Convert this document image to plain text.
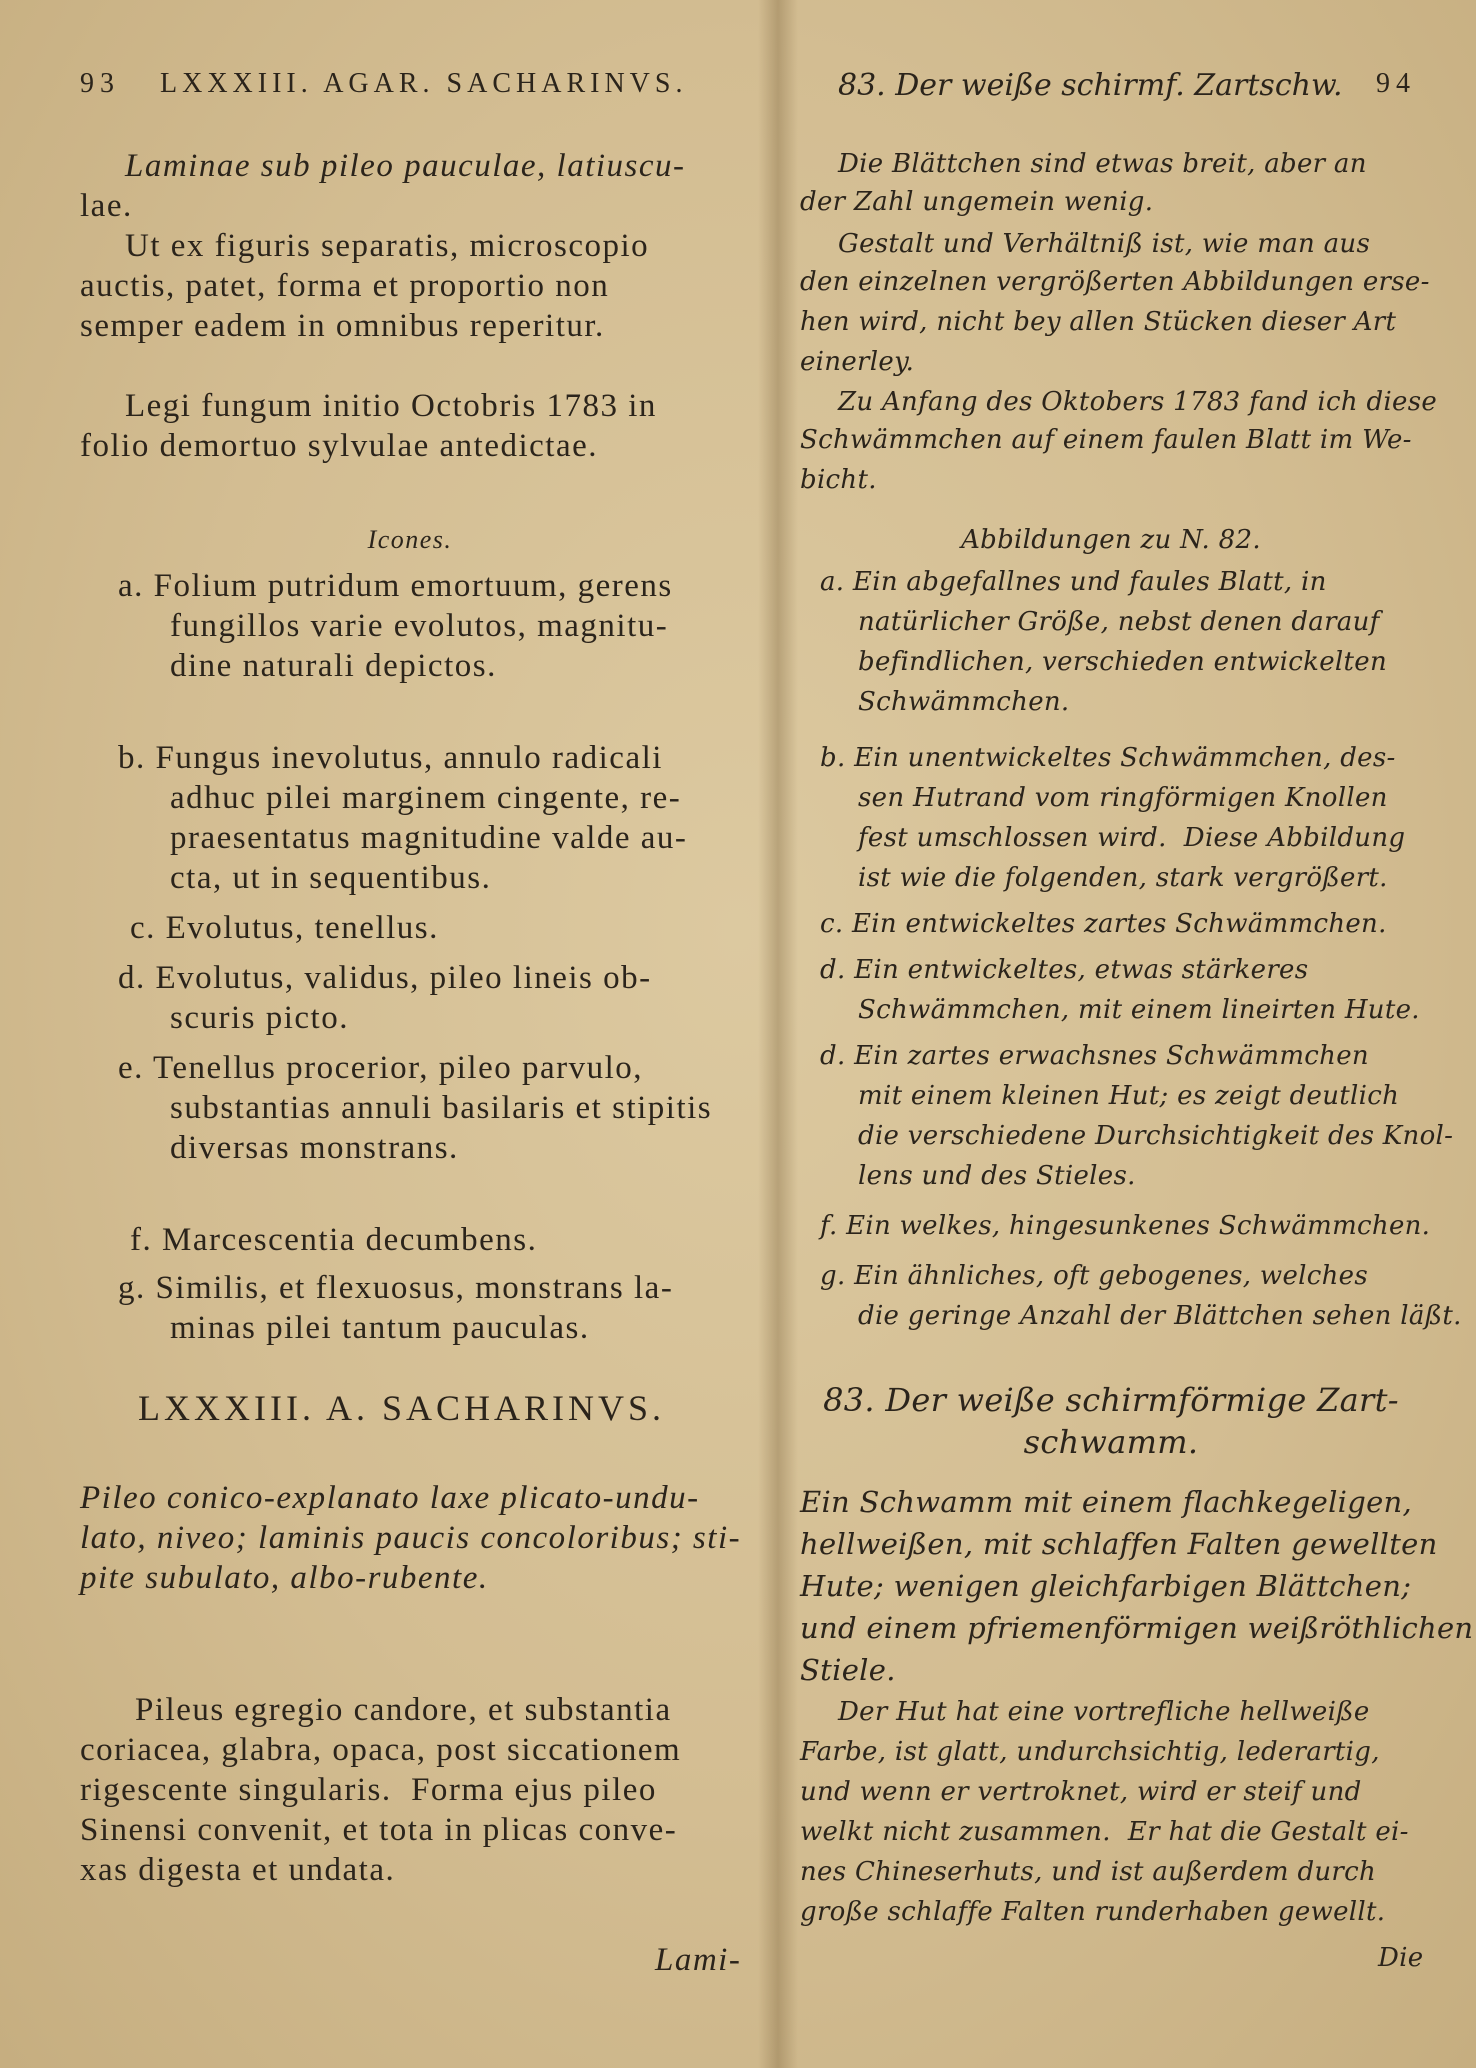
93 LXXXIII. AGAR. SACHARINVS.
Laminae sub pileo pauculae, latiuscu-
lae.
Ut ex figuris separatis, microscopio
auctis, patet, forma et proportio non
semper eadem in omnibus reperitur.
Legi fungum initio Octobris 1783 in
folio demortuo sylvulae antedictae.
Icones.
a. Folium putridum emortuum, gerens
fungillos varie evolutos, magnitu-
dine naturali depictos.
b. Fungus inevolutus, annulo radicali
adhuc pilei marginem cingente, re-
praesentatus magnitudine valde au-
cta, ut in sequentibus.
c. Evolutus, tenellus.
d. Evolutus, validus, pileo lineis ob-
scuris picto.
e. Tenellus procerior, pileo parvulo,
substantias annuli basilaris et stipitis
diversas monstrans.
f. Marcescentia decumbens.
g. Similis, et flexuosus, monstrans la-
minas pilei tantum pauculas.
LXXXIII. A. SACHARINVS.
Pileo conico-explanato laxe plicato-undu-
lato, niveo; laminis paucis concoloribus; sti-
pite subulato, albo-rubente.
Pileus egregio candore, et substantia
coriacea, glabra, opaca, post siccationem
rigescente singularis.  Forma ejus pileo
Sinensi convenit, et tota in plicas conve-
xas digesta et undata.
Lami-
83. Der weiße schirmf. Zartschw. 94
Die Blättchen sind etwas breit, aber an
der Zahl ungemein wenig.
Gestalt und Verhältniß ist, wie man aus
den einzelnen vergrößerten Abbildungen erse-
hen wird, nicht bey allen Stücken dieser Art
einerley.
Zu Anfang des Oktobers 1783 fand ich diese
Schwämmchen auf einem faulen Blatt im We-
bicht.
Abbildungen zu N. 82.
a. Ein abgefallnes und faules Blatt, in
natürlicher Größe, nebst denen darauf
befindlichen, verschieden entwickelten
Schwämmchen.
b. Ein unentwickeltes Schwämmchen, des-
sen Hutrand vom ringförmigen Knollen
fest umschlossen wird.  Diese Abbildung
ist wie die folgenden, stark vergrößert.
c. Ein entwickeltes zartes Schwämmchen.
d. Ein entwickeltes, etwas stärkeres
Schwämmchen, mit einem lineirten Hute.
d. Ein zartes erwachsnes Schwämmchen
mit einem kleinen Hut; es zeigt deutlich
die verschiedene Durchsichtigkeit des Knol-
lens und des Stieles.
f. Ein welkes, hingesunkenes Schwämmchen.
g. Ein ähnliches, oft gebogenes, welches
die geringe Anzahl der Blättchen sehen läßt.
83. Der weiße schirmförmige Zart-
schwamm.
Ein Schwamm mit einem flachkegeligen,
hellweißen, mit schlaffen Falten gewellten
Hute; wenigen gleichfarbigen Blättchen;
und einem pfriemenförmigen weißröthlichen
Stiele.
Der Hut hat eine vortrefliche hellweiße
Farbe, ist glatt, undurchsichtig, lederartig,
und wenn er vertroknet, wird er steif und
welkt nicht zusammen.  Er hat die Gestalt ei-
nes Chineserhuts, und ist außerdem durch
große schlaffe Falten runderhaben gewellt.
Die
